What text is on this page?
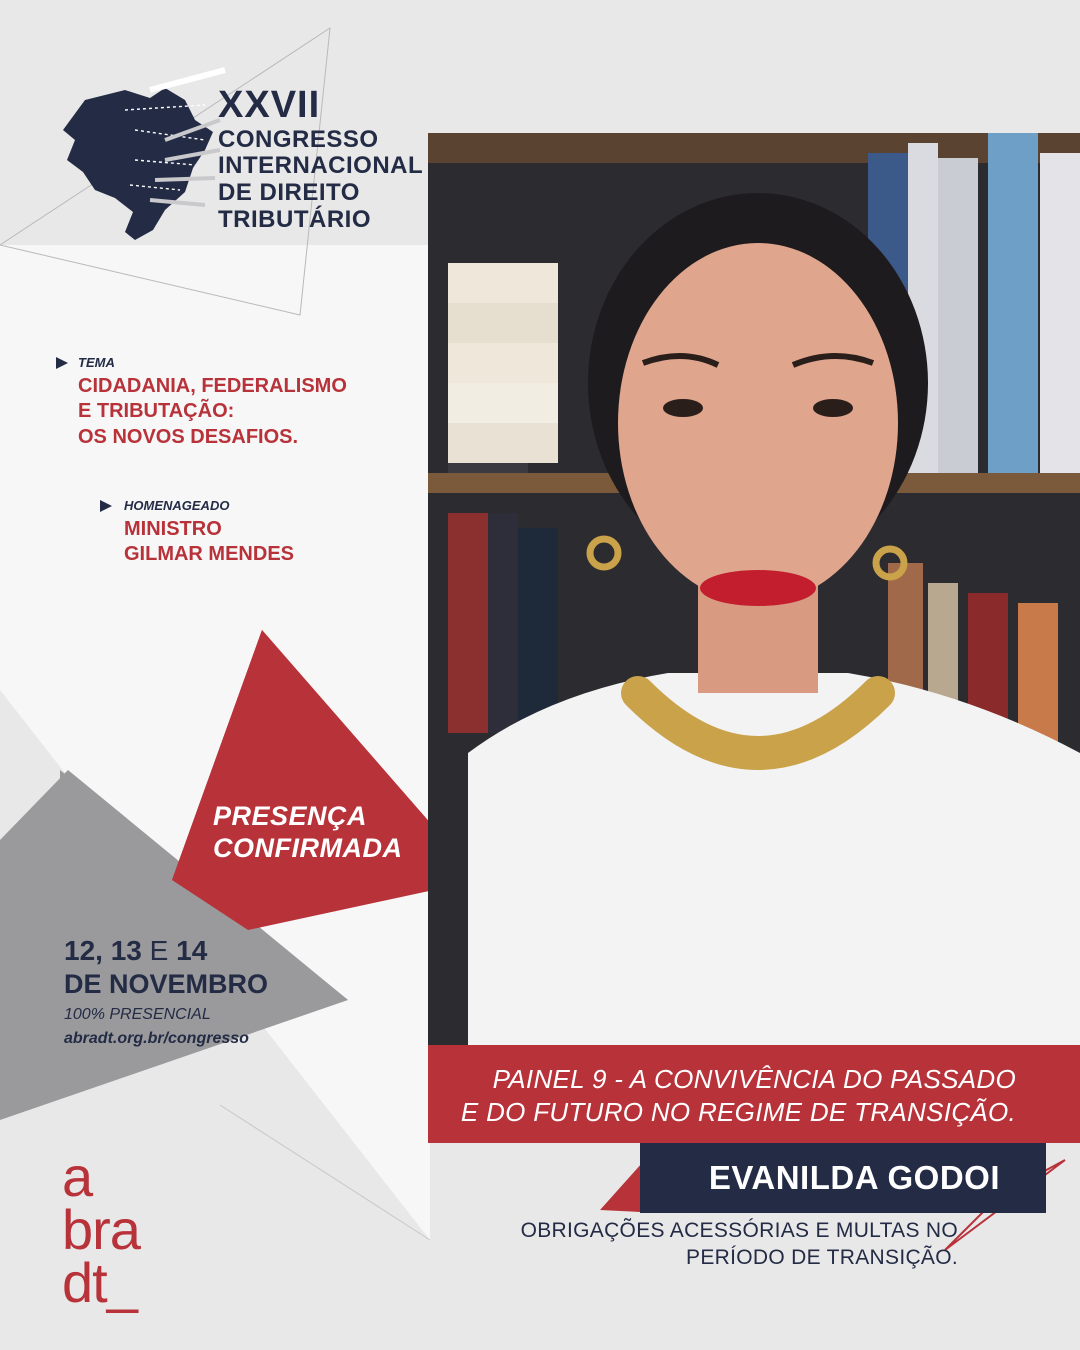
XXVII
CONGRESSO
INTERNACIONAL
DE DIREITO
TRIBUTÁRIO
TEMA
CIDADANIA, FEDERALISMO
E TRIBUTAÇÃO:
OS NOVOS DESAFIOS.
HOMENAGEADO
MINISTRO
GILMAR MENDES
PRESENÇA
CONFIRMADA
12, 13 E 14
DE NOVEMBRO
100% PRESENCIAL
abradt.org.br/congresso
PAINEL 9 - A CONVIVÊNCIA DO PASSADO
E DO FUTURO NO REGIME DE TRANSIÇÃO.
EVANILDA GODOI
OBRIGAÇÕES ACESSÓRIAS E MULTAS NO
PERÍODO DE TRANSIÇÃO.
a
bra
dt_
